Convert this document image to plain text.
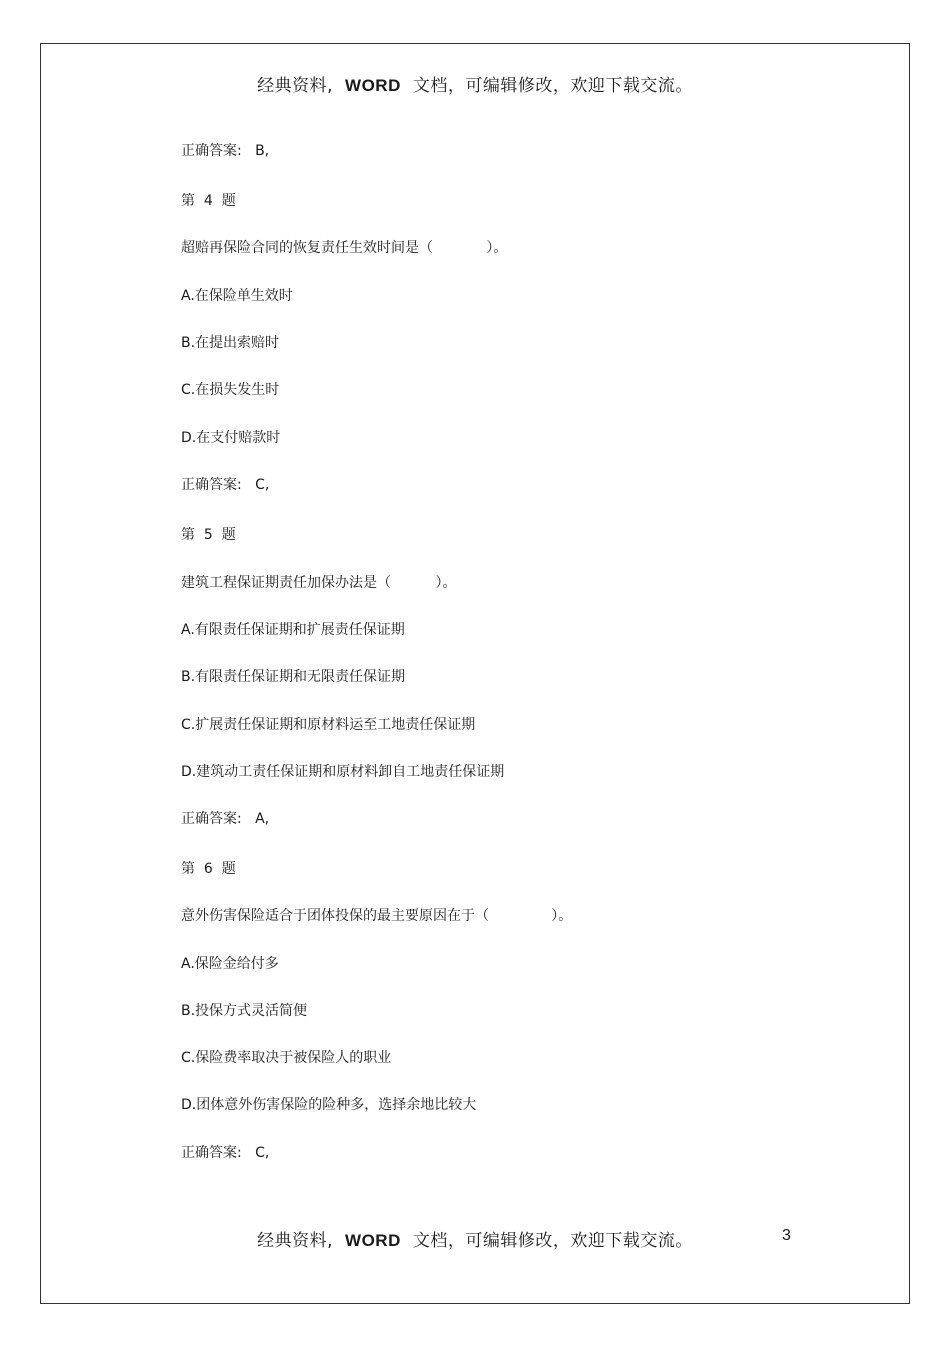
经典资料, WORD 文档，可编辑修改，欢迎下载交流。
正确答案:   B,
第  4  题
超赔再保险合同的恢复责任生效时间是（            ）。
A.在保险单生效时
B.在提出索赔时
C.在损失发生时
D.在支付赔款时
正确答案:   C,
第  5  题
建筑工程保证期责任加保办法是（          ）。
A.有限责任保证期和扩展责任保证期
B.有限责任保证期和无限责任保证期
C.扩展责任保证期和原材料运至工地责任保证期
D.建筑动工责任保证期和原材料卸自工地责任保证期
正确答案:   A,
第  6  题
意外伤害保险适合于团体投保的最主要原因在于（              ）。
A.保险金给付多
B.投保方式灵活简便
C.保险费率取决于被保险人的职业
D.团体意外伤害保险的险种多，选择余地比较大
正确答案:   C,
经典资料, WORD 文档，可编辑修改，欢迎下载交流。	3
